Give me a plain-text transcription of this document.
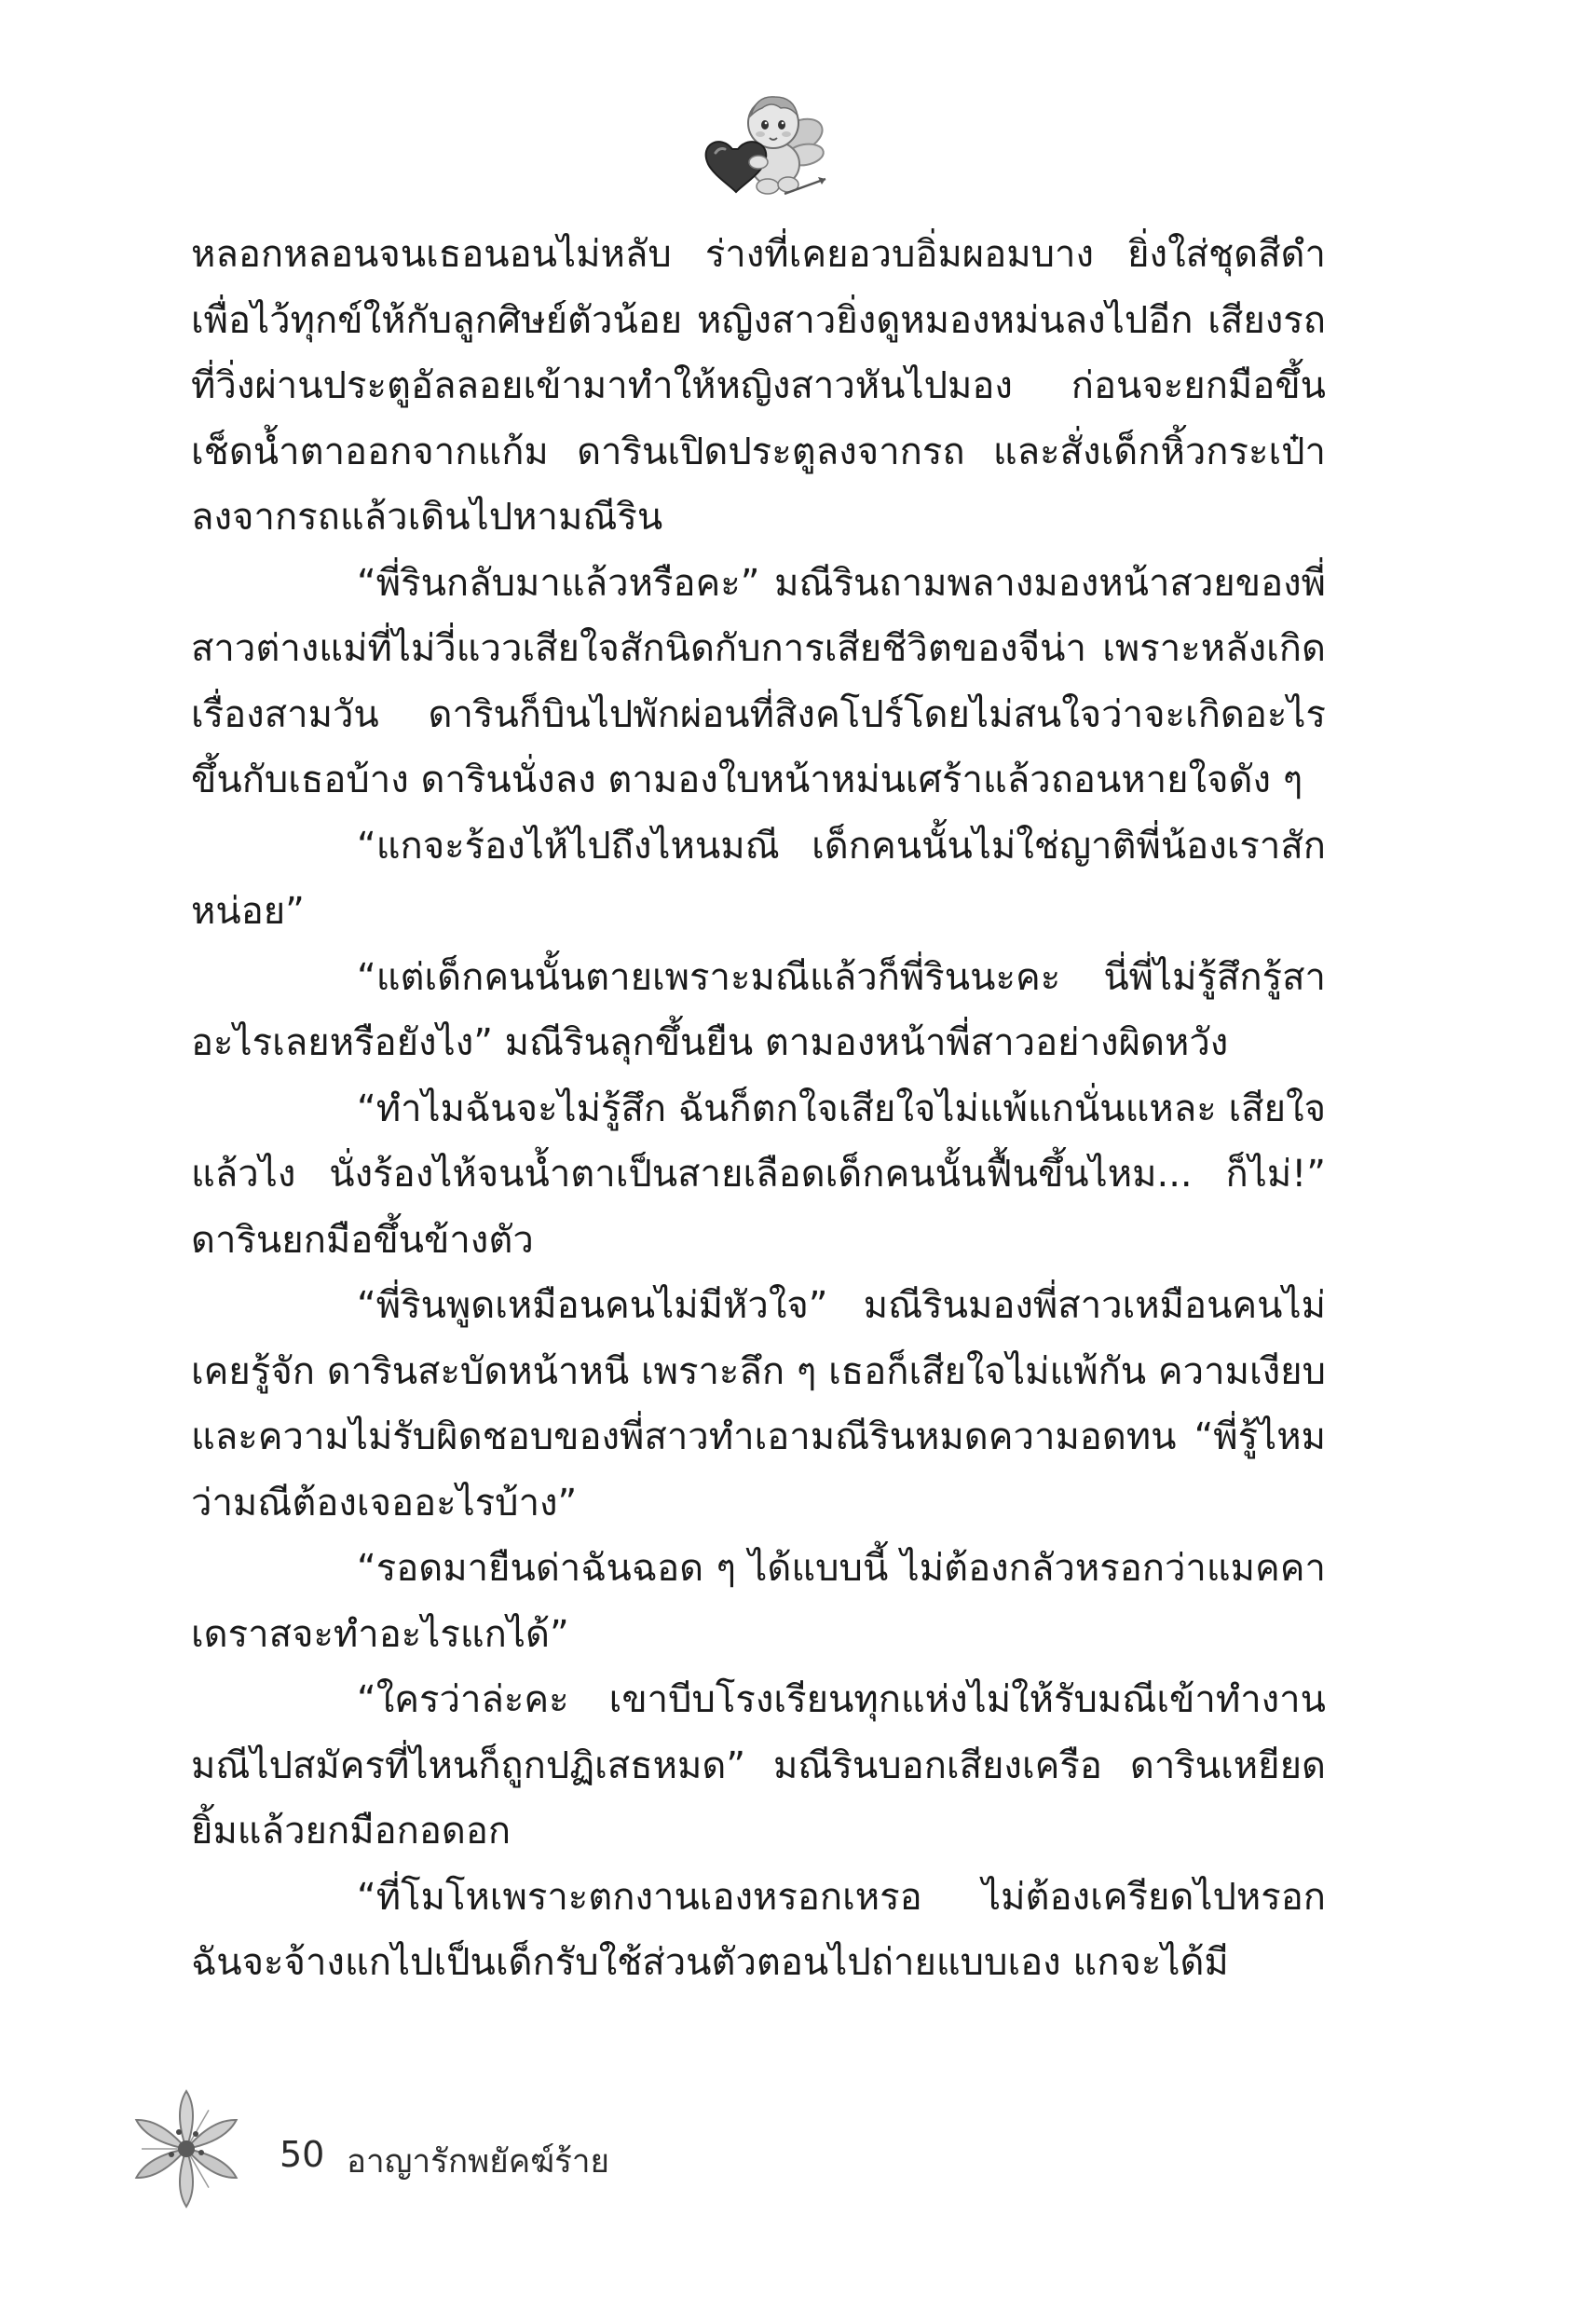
หลอกหลอนจนเธอนอนไม่หลับ ร่างที่เคยอวบอิ่มผอมบาง ยิ่งใส่ชุดสีดำเพื่อไว้ทุกข์ให้กับลูกศิษย์ตัวน้อย หญิงสาวยิ่งดูหมองหม่นลงไปอีก เสียงรถที่วิ่งผ่านประตูอัลลอยเข้ามาทำให้หญิงสาวหันไปมอง ก่อนจะยกมือขึ้นเช็ดน้ำตาออกจากแก้ม ดารินเปิดประตูลงจากรถ และสั่งเด็กหิ้วกระเป๋าลงจากรถแล้วเดินไปหามณีริน

“พี่รินกลับมาแล้วหรือคะ” มณีรินถามพลางมองหน้าสวยของพี่สาวต่างแม่ที่ไม่วี่แววเสียใจสักนิดกับการเสียชีวิตของจีน่า เพราะหลังเกิดเรื่องสามวัน ดารินก็บินไปพักผ่อนที่สิงคโปร์โดยไม่สนใจว่าจะเกิดอะไรขึ้นกับเธอบ้าง ดารินนั่งลง ตามองใบหน้าหม่นเศร้าแล้วถอนหายใจดัง ๆ

“แกจะร้องไห้ไปถึงไหนมณี เด็กคนนั้นไม่ใช่ญาติพี่น้องเราสักหน่อย”

“แต่เด็กคนนั้นตายเพราะมณีแล้วก็พี่รินนะคะ นี่พี่ไม่รู้สึกรู้สาอะไรเลยหรือยังไง” มณีรินลุกขึ้นยืน ตามองหน้าพี่สาวอย่างผิดหวัง

“ทำไมฉันจะไม่รู้สึก ฉันก็ตกใจเสียใจไม่แพ้แกนั่นแหละ เสียใจแล้วไง นั่งร้องไห้จนน้ำตาเป็นสายเลือดเด็กคนนั้นฟื้นขึ้นไหม... ก็ไม่!” ดารินยกมือขึ้นข้างตัว

“พี่รินพูดเหมือนคนไม่มีหัวใจ” มณีรินมองพี่สาวเหมือนคนไม่เคยรู้จัก ดารินสะบัดหน้าหนี เพราะลึก ๆ เธอก็เสียใจไม่แพ้กัน ความเงียบและความไม่รับผิดชอบของพี่สาวทำเอามณีรินหมดความอดทน “พี่รู้ไหมว่ามณีต้องเจออะไรบ้าง”

“รอดมายืนด่าฉันฉอด ๆ ได้แบบนี้ ไม่ต้องกลัวหรอกว่าแมคคาเดราสจะทำอะไรแกได้”

“ใครว่าล่ะคะ เขาบีบโรงเรียนทุกแห่งไม่ให้รับมณีเข้าทำงาน มณีไปสมัครที่ไหนก็ถูกปฏิเสธหมด” มณีรินบอกเสียงเครือ ดารินเหยียดยิ้มแล้วยกมือกอดอก

“ที่โมโหเพราะตกงานเองหรอกเหรอ ไม่ต้องเครียดไปหรอก ฉันจะจ้างแกไปเป็นเด็กรับใช้ส่วนตัวตอนไปถ่ายแบบเอง แกจะได้มี

50 อาญารักพยัคฆ์ร้าย
